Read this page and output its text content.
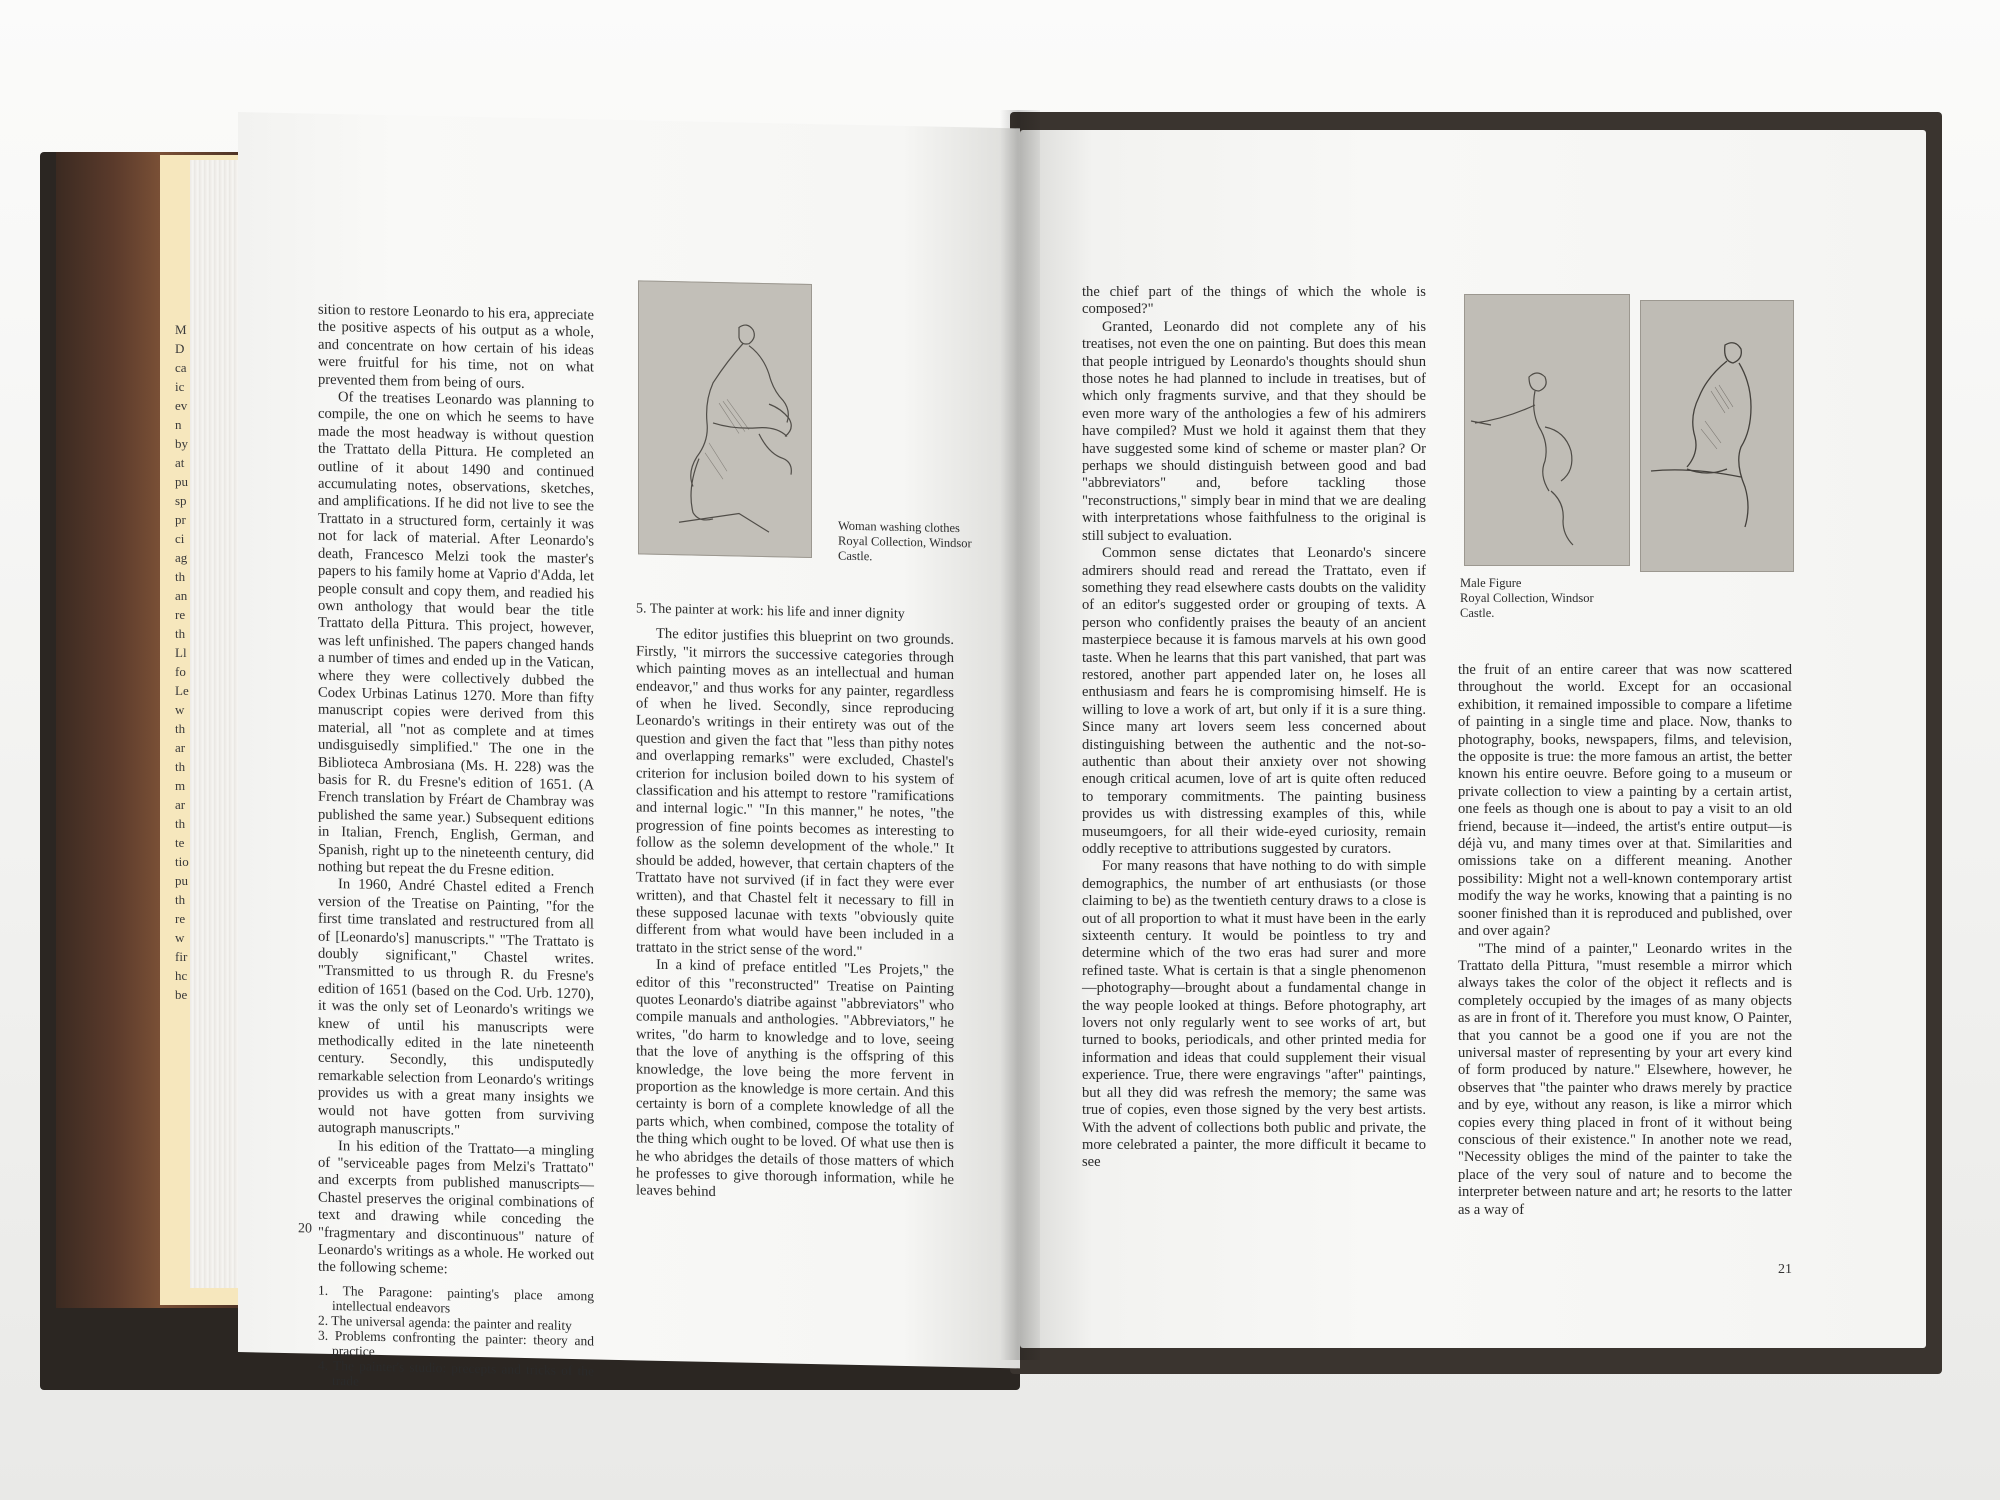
M
D
ca
ic
ev
n
by
at
pu
sp
pr
ci
ag
th
an
re
th
Ll
fo
Le
w
th
ar
th
m
ar
th
te
tio
pu
th
re
w
fir
hc
be

sition to restore Leonardo to his era, appreciate the positive aspects of his output as a whole, and concentrate on how certain of his ideas were fruitful for his time, not on what prevented them from being of ours.

Of the treatises Leonardo was planning to compile, the one on which he seems to have made the most headway is without question the Trattato della Pittura. He completed an outline of it about 1490 and continued accumulating notes, observations, sketches, and amplifications. If he did not live to see the Trattato in a structured form, certainly it was not for lack of material. After Leonardo's death, Francesco Melzi took the master's papers to his family home at Vaprio d'Adda, let people consult and copy them, and readied his own anthology that would bear the title Trattato della Pittura. This project, however, was left unfinished. The papers changed hands a number of times and ended up in the Vatican, where they were collectively dubbed the Codex Urbinas Latinus 1270. More than fifty manuscript copies were derived from this material, all "not as complete and at times undisguisedly simplified." The one in the Biblioteca Ambrosiana (Ms. H. 228) was the basis for R. du Fresne's edition of 1651. (A French translation by Fréart de Chambray was published the same year.) Subsequent editions in Italian, French, English, German, and Spanish, right up to the nineteenth century, did nothing but repeat the du Fresne edition.

In 1960, André Chastel edited a French version of the Treatise on Painting, "for the first time translated and restructured from all of [Leonardo's] manuscripts." "The Trattato is doubly significant," Chastel writes. "Transmitted to us through R. du Fresne's edition of 1651 (based on the Cod. Urb. 1270), it was the only set of Leonardo's writings we knew of until his manuscripts were methodically edited in the late nineteenth century. Secondly, this undisputedly remarkable selection from Leonardo's writings provides us with a great many insights we would not have gotten from surviving autograph manuscripts."

In his edition of the Trattato—a mingling of "serviceable pages from Melzi's Trattato" and excerpts from published manuscripts—Chastel preserves the original combinations of text and drawing while conceding the "fragmentary and discontinuous" nature of Leonardo's writings as a whole. He worked out the following scheme:

1. The Paragone: painting's place among intellectual endeavors
2. The universal agenda: the painter and reality
3. Problems confronting the painter: theory and practice
4. The painter's studio: precepts and tricks of the trade
Woman washing clothes
Royal Collection, Windsor
Castle.

5. The painter at work: his life and inner dignity

The editor justifies this blueprint on two grounds. Firstly, "it mirrors the successive categories through which painting moves as an intellectual and human endeavor," and thus works for any painter, regardless of when he lived. Secondly, since reproducing Leonardo's writings in their entirety was out of the question and given the fact that "less than pithy notes and overlapping remarks" were excluded, Chastel's criterion for inclusion boiled down to his system of classification and his attempt to restore "ramifications and internal logic." "In this manner," he notes, "the progression of fine points becomes as interesting to follow as the solemn development of the whole." It should be added, however, that certain chapters of the Trattato have not survived (if in fact they were ever written), and that Chastel felt it necessary to fill in these supposed lacunae with texts "obviously quite different from what would have been included in a trattato in the strict sense of the word."

In a kind of preface entitled "Les Projets," the editor of this "reconstructed" Treatise on Painting quotes Leonardo's diatribe against "abbreviators" who compile manuals and anthologies. "Abbreviators," he writes, "do harm to knowledge and to love, seeing that the love of anything is the offspring of this knowledge, the love being the more fervent in proportion as the knowledge is more certain. And this certainty is born of a complete knowledge of all the parts which, when combined, compose the totality of the thing which ought to be loved. Of what use then is he who abridges the details of those matters of which he professes to give thorough information, while he leaves behind

20

the chief part of the things of which the whole is composed?"

Granted, Leonardo did not complete any of his treatises, not even the one on painting. But does this mean that people intrigued by Leonardo's thoughts should shun those notes he had planned to include in treatises, but of which only fragments survive, and that they should be even more wary of the anthologies a few of his admirers have compiled? Must we hold it against them that they have suggested some kind of scheme or master plan? Or perhaps we should distinguish between good and bad "abbreviators" and, before tackling those "reconstructions," simply bear in mind that we are dealing with interpretations whose faithfulness to the original is still subject to evaluation.

Common sense dictates that Leonardo's sincere admirers should read and reread the Trattato, even if something they read elsewhere casts doubts on the validity of an editor's suggested order or grouping of texts. A person who confidently praises the beauty of an ancient masterpiece because it is famous marvels at his own good taste. When he learns that this part vanished, that part was restored, another part appended later on, he loses all enthusiasm and fears he is compromising himself. He is willing to love a work of art, but only if it is a sure thing. Since many art lovers seem less concerned about distinguishing between the authentic and the not-so-authentic than about their anxiety over not showing enough critical acumen, love of art is quite often reduced to temporary commitments. The painting business provides us with distressing examples of this, while museumgoers, for all their wide-eyed curiosity, remain oddly receptive to attributions suggested by curators.

For many reasons that have nothing to do with simple demographics, the number of art enthusiasts (or those claiming to be) as the twentieth century draws to a close is out of all proportion to what it must have been in the early sixteenth century. It would be pointless to try and determine which of the two eras had surer and more refined taste. What is certain is that a single phenomenon—photography—brought about a fundamental change in the way people looked at things. Before photography, art lovers not only regularly went to see works of art, but turned to books, periodicals, and other printed media for information and ideas that could supplement their visual experience. True, there were engravings "after" paintings, but all they did was refresh the memory; the same was true of copies, even those signed by the very best artists. With the advent of collections both public and private, the more celebrated a painter, the more difficult it became to see

Male Figure
Royal Collection, Windsor
Castle.

the fruit of an entire career that was now scattered throughout the world. Except for an occasional exhibition, it remained impossible to compare a lifetime of painting in a single time and place. Now, thanks to photography, books, newspapers, films, and television, the opposite is true: the more famous an artist, the better known his entire oeuvre. Before going to a museum or private collection to view a painting by a certain artist, one feels as though one is about to pay a visit to an old friend, because it—indeed, the artist's entire output—is déjà vu, and many times over at that. Similarities and omissions take on a different meaning. Another possibility: Might not a well-known contemporary artist modify the way he works, knowing that a painting is no sooner finished than it is reproduced and published, over and over again?

"The mind of a painter," Leonardo writes in the Trattato della Pittura, "must resemble a mirror which always takes the color of the object it reflects and is completely occupied by the images of as many objects as are in front of it. Therefore you must know, O Painter, that you cannot be a good one if you are not the universal master of representing by your art every kind of form produced by nature." Elsewhere, however, he observes that "the painter who draws merely by practice and by eye, without any reason, is like a mirror which copies every thing placed in front of it without being conscious of their existence." In another note we read, "Necessity obliges the mind of the painter to take the place of the very soul of nature and to become the interpreter between nature and art; he resorts to the latter as a way of

21
